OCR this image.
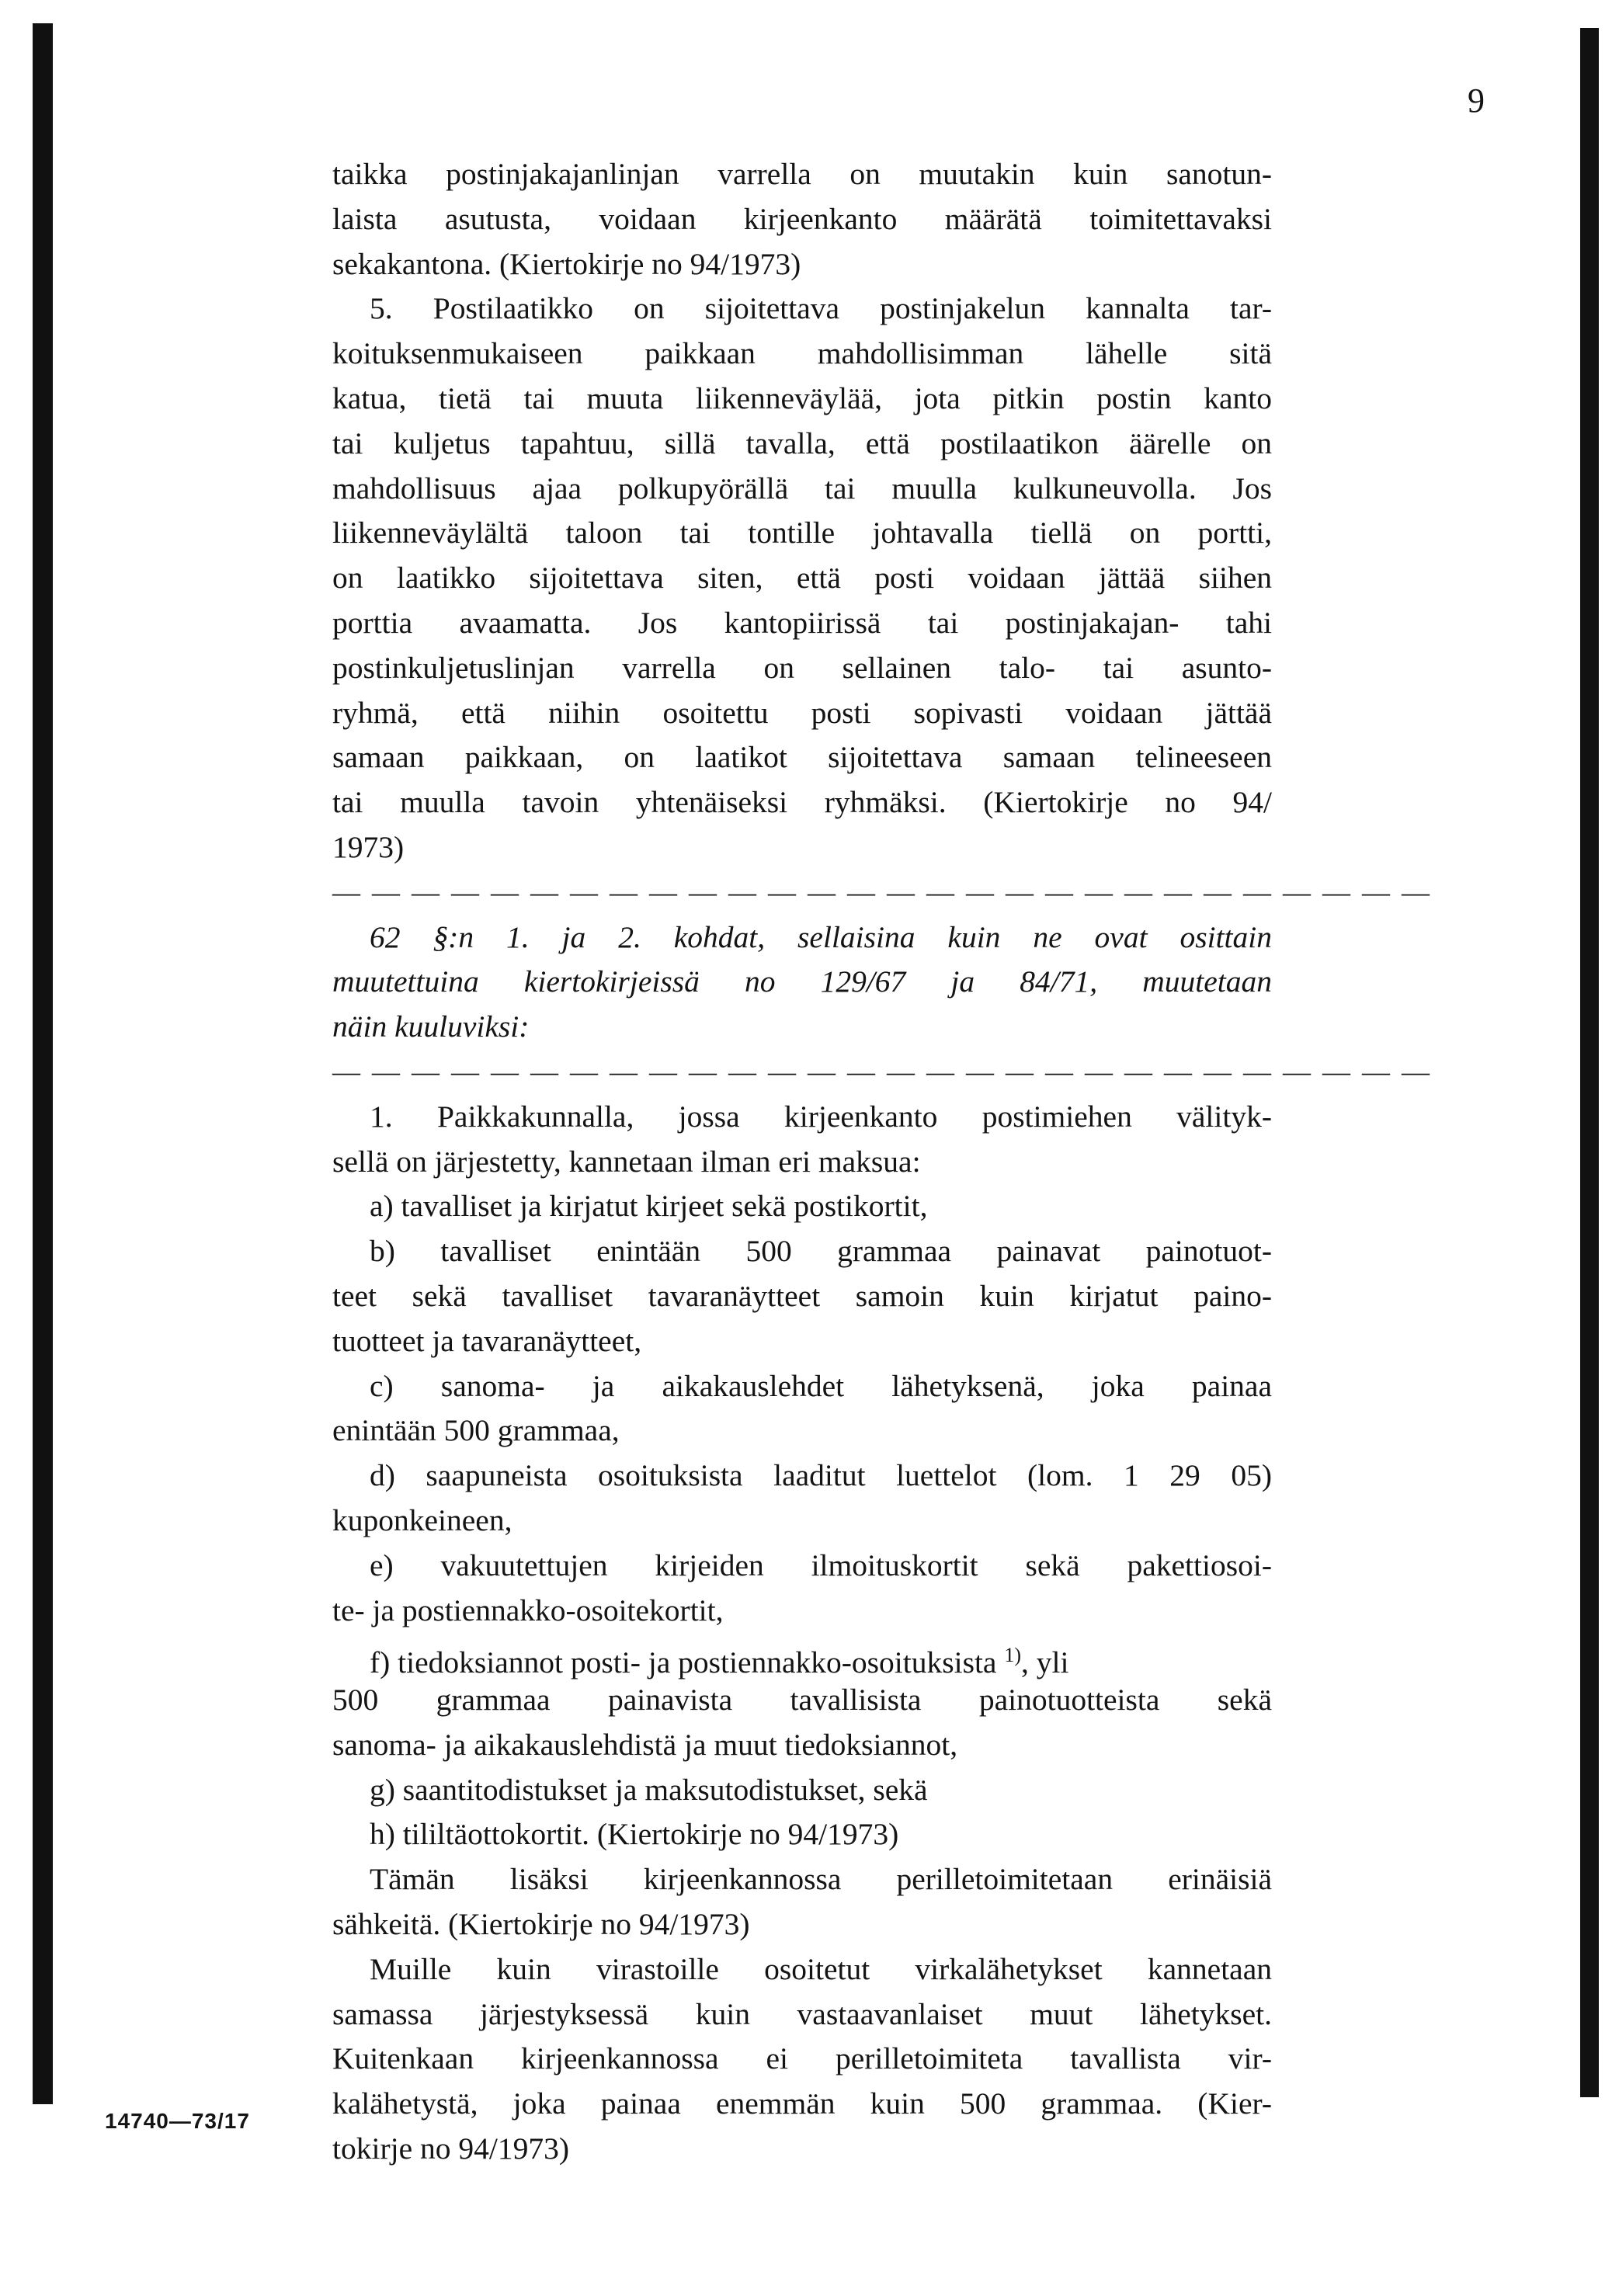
9
taikka postinjakajanlinjan varrella on muutakin kuin sanotun-
laista asutusta, voidaan kirjeenkanto määrätä toimitettavaksi
sekakantona. (Kiertokirje no 94/1973)
5. Postilaatikko on sijoitettava postinjakelun kannalta tar-
koituksenmukaiseen paikkaan mahdollisimman lähelle sitä
katua, tietä tai muuta liikenneväylää, jota pitkin postin kanto
tai kuljetus tapahtuu, sillä tavalla, että postilaatikon äärelle on
mahdollisuus ajaa polkupyörällä tai muulla kulkuneuvolla. Jos
liikenneväylältä taloon tai tontille johtavalla tiellä on portti,
on laatikko sijoitettava siten, että posti voidaan jättää siihen
porttia avaamatta. Jos kantopiirissä tai postinjakajan- tahi
postinkuljetuslinjan varrella on sellainen talo- tai asunto-
ryhmä, että niihin osoitettu posti sopivasti voidaan jättää
samaan paikkaan, on laatikot sijoitettava samaan telineeseen
tai muulla tavoin yhtenäiseksi ryhmäksi. (Kiertokirje no 94/
1973)
— — — — — — — — — — — — — — — — — — — — — — — — — — — —
62 §:n 1. ja 2. kohdat, sellaisina kuin ne ovat osittain
muutettuina kiertokirjeissä no 129/67 ja 84/71, muutetaan
näin kuuluviksi:
— — — — — — — — — — — — — — — — — — — — — — — — — — — —
1. Paikkakunnalla, jossa kirjeenkanto postimiehen välityk-
sellä on järjestetty, kannetaan ilman eri maksua:
a) tavalliset ja kirjatut kirjeet sekä postikortit,
b) tavalliset enintään 500 grammaa painavat painotuot-
teet sekä tavalliset tavaranäytteet samoin kuin kirjatut paino-
tuotteet ja tavaranäytteet,
c) sanoma- ja aikakauslehdet lähetyksenä, joka painaa
enintään 500 grammaa,
d) saapuneista osoituksista laaditut luettelot (lom. 1 29 05)
kuponkeineen,
e) vakuutettujen kirjeiden ilmoituskortit sekä pakettiosoi-
te- ja postiennakko-osoitekortit,
f) tiedoksiannot posti- ja postiennakko-osoituksista $^{1)}$, yli
500 grammaa painavista tavallisista painotuotteista sekä
sanoma- ja aikakauslehdistä ja muut tiedoksiannot,
g) saantitodistukset ja maksutodistukset, sekä
h) tililtäottokortit. (Kiertokirje no 94/1973)
Tämän lisäksi kirjeenkannossa perilletoimitetaan erinäisiä
sähkeitä. (Kiertokirje no 94/1973)
Muille kuin virastoille osoitetut virkalähetykset kannetaan
samassa järjestyksessä kuin vastaavanlaiset muut lähetykset.
Kuitenkaan kirjeenkannossa ei perilletoimiteta tavallista vir-
kalähetystä, joka painaa enemmän kuin 500 grammaa. (Kier-
tokirje no 94/1973)
14740—73/17
